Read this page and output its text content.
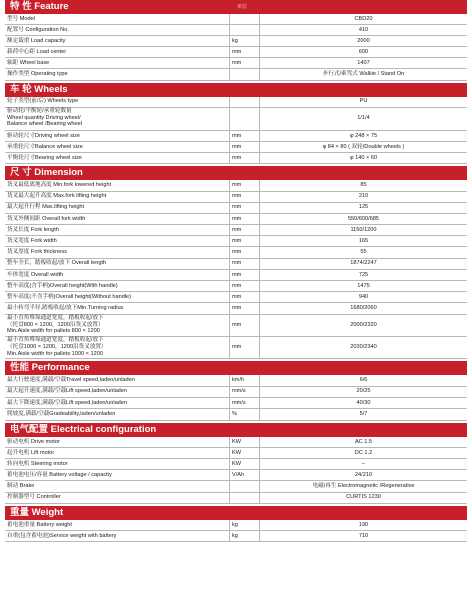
特 性 Feature	单位
型号 Model	CBD20
配置号 Configuration No.	410
额定载重 Load capacity	kg	2000
载荷中心距 Load center	mm	600
轴距 Wheel base	mm	1407
操作类型 Operating type	步行式/乘驾式 Walkie / Stand On
车 轮 Wheels
轮子类型(前/后) Wheels type	PU
驱动轮/平衡轮/承重轮数量
Wheel quantity Driving wheel/
Balance wheel /Bearing wheel
1/1/4
驱动轮尺寸Driving wheel size	mm	φ 248 × 75
承重轮尺寸Balance wheel size	mm	φ 84 × 80 ( 双轮/Double wheels )
平衡轮尺寸Bearing wheel size	mm	φ 140 × 60
尺 寸 Dimension
货叉最低离地高度 Min.fork lowered height	mm	85
货叉最大起升高度 Max.fork lifting height	mm	210
最大起升行程 Max.lifting height	mm	125
货叉外侧间距 Overall fork width	mm	550/600/685
货叉长度 Fork length	mm	1150/1200
货叉宽度 Fork width	mm	165
货叉厚度 Fork thickness	mm	55
整车全长，踏板收起/放下 Overall length	mm	1874/2247
车体宽度 Overall width	mm	725
整车高度(含手柄)Overall height(With handle)	mm	1475
整车高度(不含手柄)Overall height(Without handle)	mm	940
最小转弯半径,踏板收起/放下Min.Turning radius	mm	1680/2060
最小直角堆垛通道宽度，踏板收起/放下
（托盘800 × 1200，1200沿货叉放置）
Min.Aisle width for pallets 800 × 1200
mm	2000/2320
最小直角堆垛通道宽度，踏板收起/放下
（托盘1000 × 1200，1200沿货叉放置）
Min.Aisle width for pallets 1000 × 1200
mm	2030/2340
性能 Performance
最大行驶速度,满载/空载Travel speed,laden/unladen	km/h	6/6
最大起升速度,满载/空载Lift speed,laden/unladen	mm/s	20/25
最大下降速度,满载/空载Lift speed,laden/unladen	mm/s	40/30
爬坡度,满载/空载Gradeability,laden/unladen	%	5/7
电气配置 Electrical configuration
驱动电机 Drive motor	KW	AC 1.5
起升电机 Lift motor	KW	DC 1.2
转向电机 Steering motor	KW	–
蓄电池电压/容量 Battery voltage / capacity	V/Ah	24/210
制动 Brake	电磁/再生 Electromagnetic /Regenerative
控制器型号 Controller	CURTIS 1230
重量 Weight
蓄电池重量 Battery weight	kg	190
自重(包含蓄电池)Service weight with battery	kg	710
